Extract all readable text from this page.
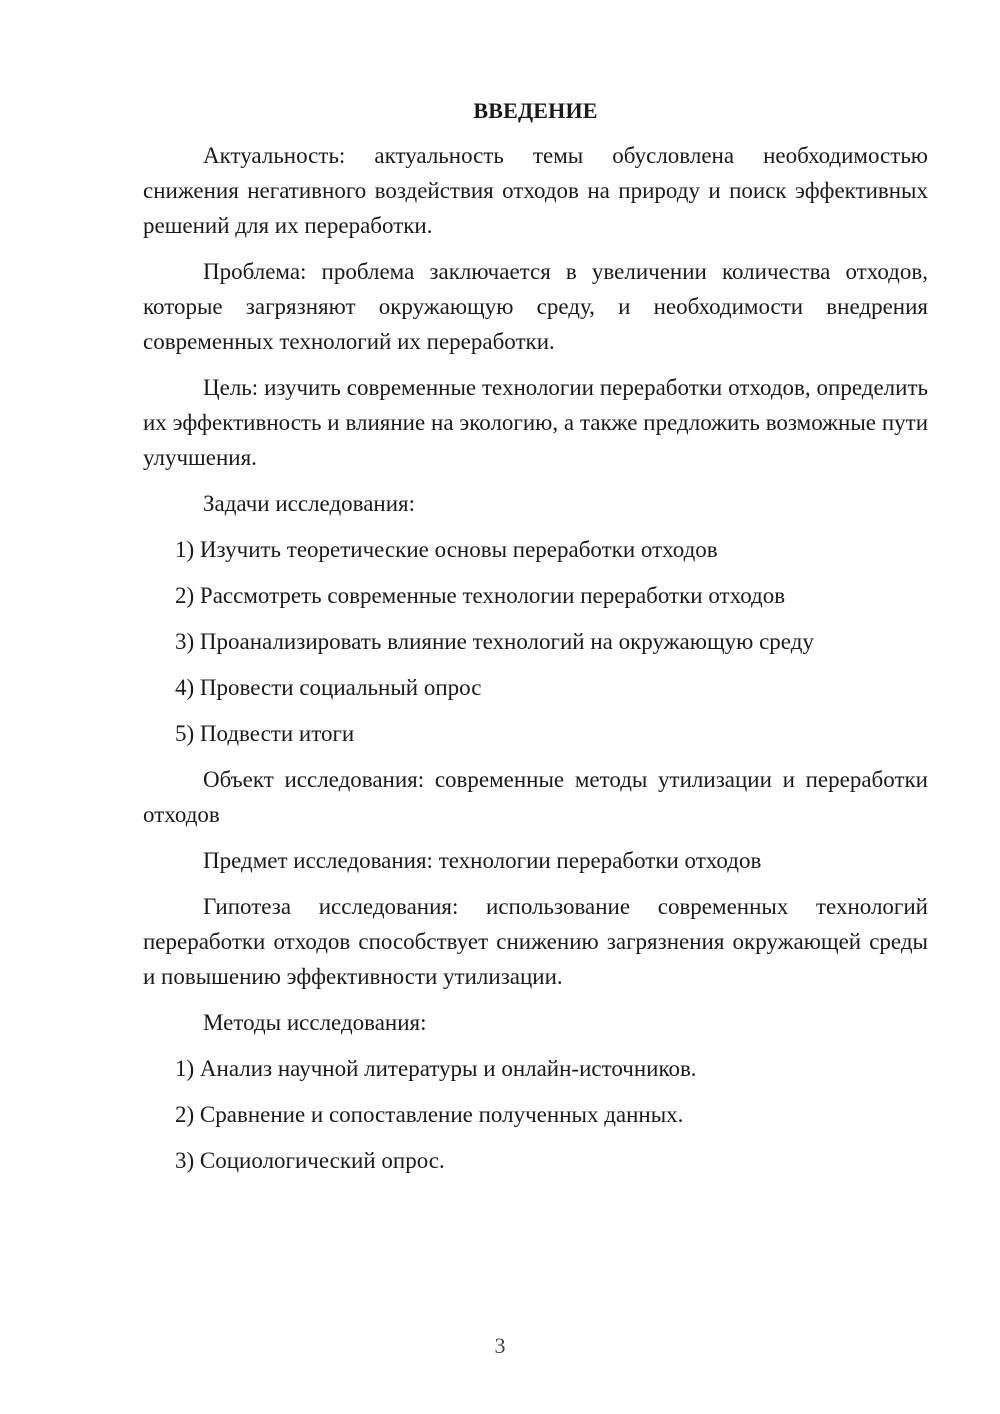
ВВЕДЕНИЕ

Актуальность: актуальность темы обусловлена необходимостью снижения негативного воздействия отходов на природу и поиск эффективных решений для их переработки.

Проблема: проблема заключается в увеличении количества отходов, которые загрязняют окружающую среду, и необходимости внедрения современных технологий их переработки.

Цель: изучить современные технологии переработки отходов, определить их эффективность и влияние на экологию, а также предложить возможные пути улучшения.

Задачи исследования:

1) Изучить теоретические основы переработки отходов

2) Рассмотреть современные технологии переработки отходов

3) Проанализировать влияние технологий на окружающую среду

4) Провести социальный опрос

5) Подвести итоги

Объект исследования: современные методы утилизации и переработки отходов

Предмет исследования: технологии переработки отходов

Гипотеза исследования: использование современных технологий переработки отходов способствует снижению загрязнения окружающей среды и повышению эффективности утилизации.

Методы исследования:

1) Анализ научной литературы и онлайн-источников.

2) Сравнение и сопоставление полученных данных.

3) Социологический опрос.

3
